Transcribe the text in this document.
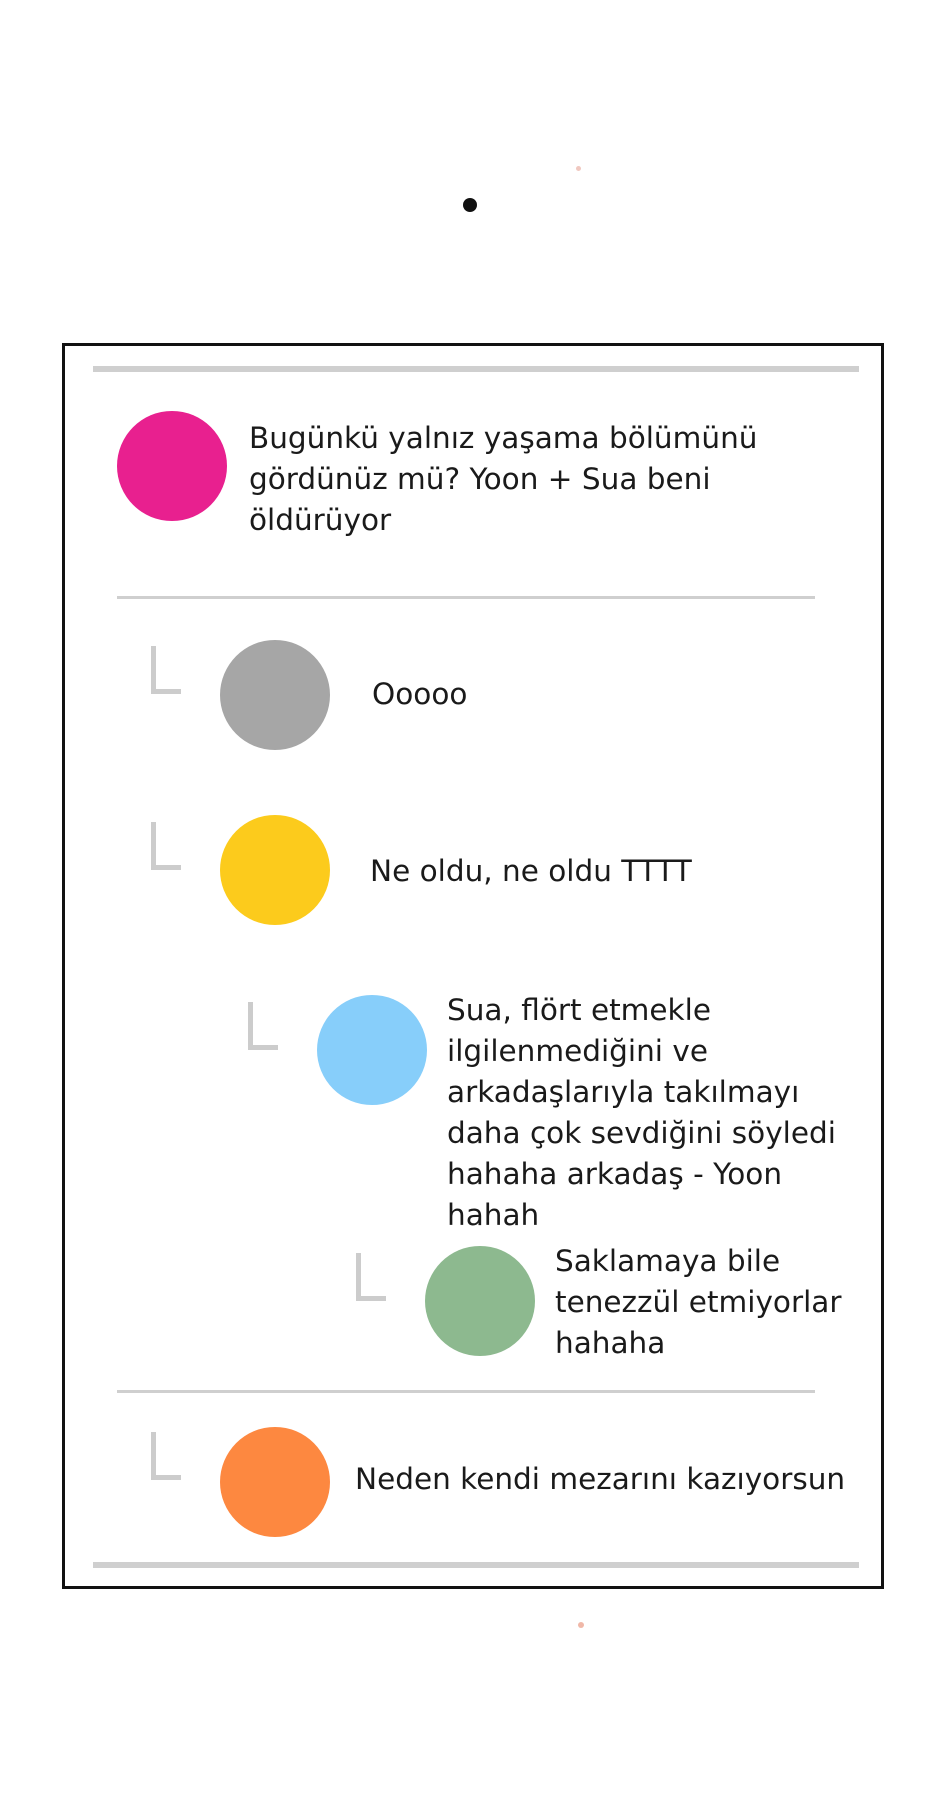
Bugünkü yalnız yaşama bölümünü
gördünüz mü? Yoon + Sua beni
öldürüyor

Ooooo

Ne oldu, ne oldu TTTT

Sua, flört etmekle
ilgilenmediğini ve
arkadaşlarıyla takılmayı
daha çok sevdiğini söyledi
hahaha arkadaş - Yoon
hahah

Saklamaya bile
tenezzül etmiyorlar
hahaha

Neden kendi mezarını kazıyorsun
